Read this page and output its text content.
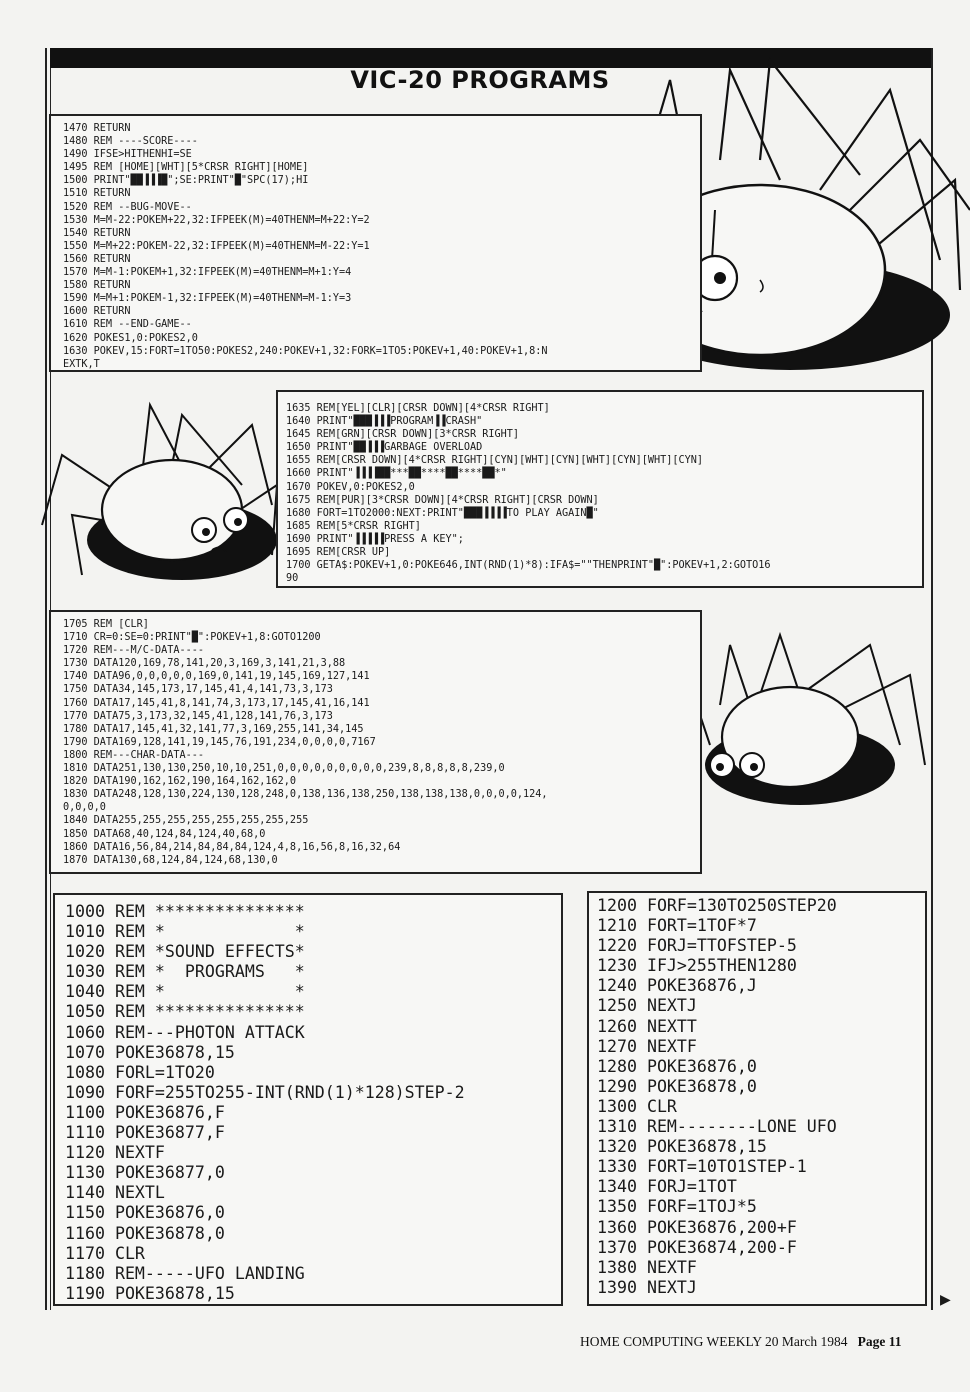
VIC-20 PROGRAMS
1470 RETURN
1480 REM ----SCORE----
1490 IFSE>HITHENHI=SE
1495 REM [HOME][WHT][5*CRSR RIGHT][HOME]
1500 PRINT"██▐▐▐█";SE:PRINT"█"SPC(17);HI
1510 RETURN
1520 REM --BUG-MOVE--
1530 M=M-22:POKEM+22,32:IFPEEK(M)=40THENM=M+22:Y=2
1540 RETURN
1550 M=M+22:POKEM-22,32:IFPEEK(M)=40THENM=M-22:Y=1
1560 RETURN
1570 M=M-1:POKEM+1,32:IFPEEK(M)=40THENM=M+1:Y=4
1580 RETURN
1590 M=M+1:POKEM-1,32:IFPEEK(M)=40THENM=M-1:Y=3
1600 RETURN
1610 REM --END-GAME--
1620 POKES1,0:POKES2,0
1630 POKEV,15:FORT=1TO50:POKES2,240:POKEV+1,32:FORK=1TO5:POKEV+1,40:POKEV+1,8:N
EXTK,T
1635 REM[YEL][CLR][CRSR DOWN][4*CRSR RIGHT]
1640 PRINT"███▐▐▐PROGRAM▐▐CRASH"
1645 REM[GRN][CRSR DOWN][3*CRSR RIGHT]
1650 PRINT"██▐▐▐GARBAGE OVERLOAD
1655 REM[CRSR DOWN][4*CRSR RIGHT][CYN][WHT][CYN][WHT][CYN][WHT][CYN]
1660 PRINT"▐▐▐▐██***██****██****██*"
1670 POKEV,0:POKES2,0
1675 REM[PUR][3*CRSR DOWN][4*CRSR RIGHT][CRSR DOWN]
1680 FORT=1TO2000:NEXT:PRINT"███▐▐▐▐TO PLAY AGAIN█"
1685 REM[5*CRSR RIGHT]
1690 PRINT"▐▐▐▐▐PRESS A KEY";
1695 REM[CRSR UP]
1700 GETA$:POKEV+1,0:POKE646,INT(RND(1)*8):IFA$=""THENPRINT"█":POKEV+1,2:GOTO16
90
1705 REM [CLR]
1710 CR=0:SE=0:PRINT"█":POKEV+1,8:GOTO1200
1720 REM---M/C-DATA----
1730 DATA120,169,78,141,20,3,169,3,141,21,3,88
1740 DATA96,0,0,0,0,0,169,0,141,19,145,169,127,141
1750 DATA34,145,173,17,145,41,4,141,73,3,173
1760 DATA17,145,41,8,141,74,3,173,17,145,41,16,141
1770 DATA75,3,173,32,145,41,128,141,76,3,173
1780 DATA17,145,41,32,141,77,3,169,255,141,34,145
1790 DATA169,128,141,19,145,76,191,234,0,0,0,0,7167
1800 REM---CHAR-DATA---
1810 DATA251,130,130,250,10,10,251,0,0,0,0,0,0,0,0,0,239,8,8,8,8,8,239,0
1820 DATA190,162,162,190,164,162,162,0
1830 DATA248,128,130,224,130,128,248,0,138,136,138,250,138,138,138,0,0,0,0,124,
0,0,0,0
1840 DATA255,255,255,255,255,255,255,255
1850 DATA68,40,124,84,124,40,68,0
1860 DATA16,56,84,214,84,84,84,124,4,8,16,56,8,16,32,64
1870 DATA130,68,124,84,124,68,130,0
1000 REM ***************
1010 REM *             *
1020 REM *SOUND EFFECTS*
1030 REM *  PROGRAMS   *
1040 REM *             *
1050 REM ***************
1060 REM---PHOTON ATTACK
1070 POKE36878,15
1080 FORL=1TO20
1090 FORF=255TO255-INT(RND(1)*128)STEP-2
1100 POKE36876,F
1110 POKE36877,F
1120 NEXTF
1130 POKE36877,0
1140 NEXTL
1150 POKE36876,0
1160 POKE36878,0
1170 CLR
1180 REM-----UFO LANDING
1190 POKE36878,15
1200 FORF=130TO250STEP20
1210 FORT=1TOF*7
1220 FORJ=TTOFSTEP-5
1230 IFJ>255THEN1280
1240 POKE36876,J
1250 NEXTJ
1260 NEXTT
1270 NEXTF
1280 POKE36876,0
1290 POKE36878,0
1300 CLR
1310 REM--------LONE UFO
1320 POKE36878,15
1330 FORT=10TO1STEP-1
1340 FORJ=1TOT
1350 FORF=1TOJ*5
1360 POKE36876,200+F
1370 POKE36874,200-F
1380 NEXTF
1390 NEXTJ
HOME COMPUTING WEEKLY 20 March 1984 Page 11
▶
